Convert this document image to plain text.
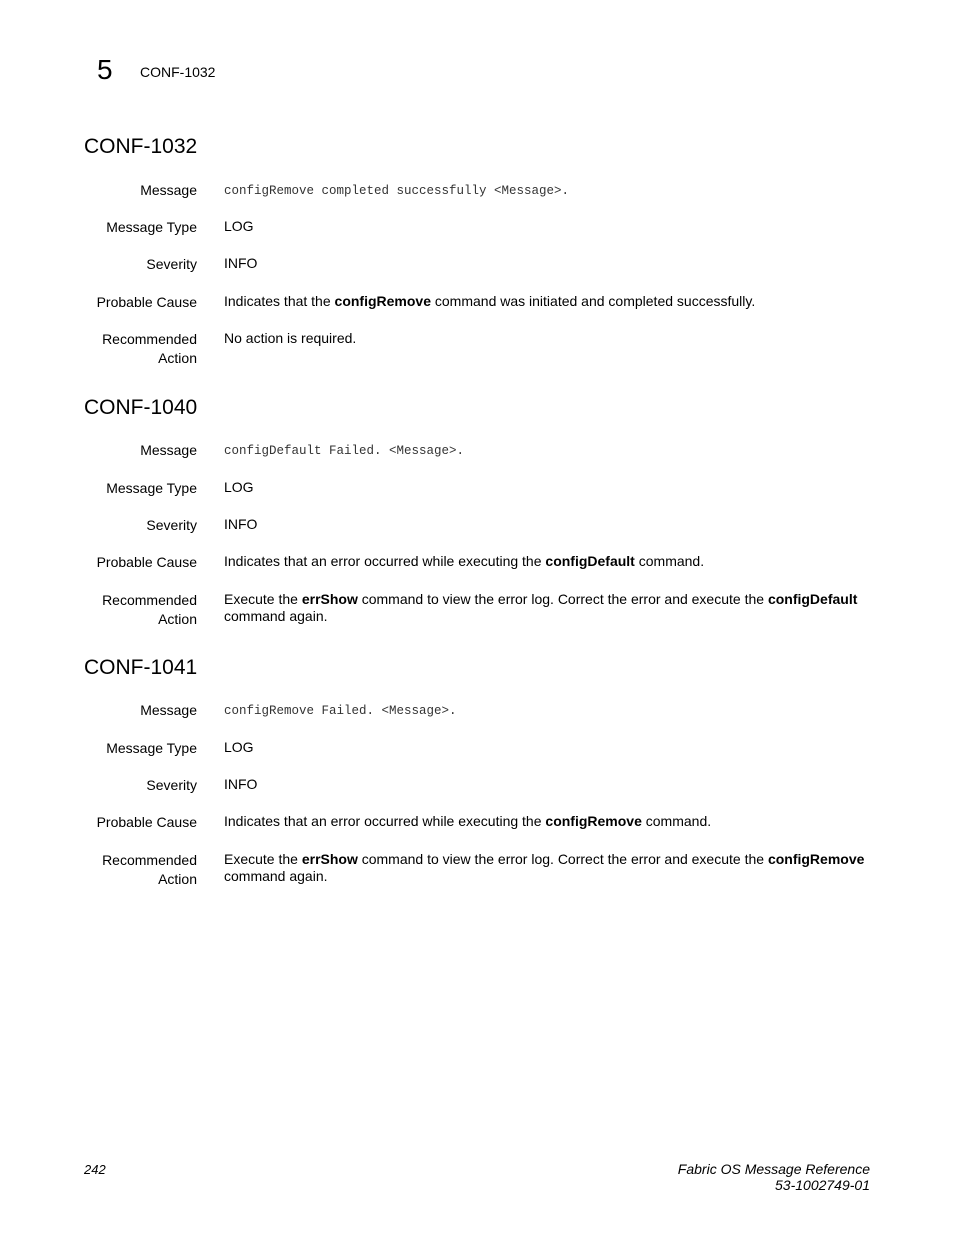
5 CONF-1032
CONF-1032
Message configRemove completed successfully <Message>.
Message Type LOG
Severity INFO
Probable Cause Indicates that the configRemove command was initiated and completed successfully.
Recommended
Action
No action is required.
CONF-1040
Message configDefault Failed. <Message>.
Message Type LOG
Severity INFO
Probable Cause Indicates that an error occurred while executing the configDefault command.
Recommended
Action
Execute the errShow command to view the error log. Correct the error and execute the configDefault
command again.
CONF-1041
Message configRemove Failed. <Message>.
Message Type LOG
Severity INFO
Probable Cause Indicates that an error occurred while executing the configRemove command.
Recommended
Action
Execute the errShow command to view the error log. Correct the error and execute the configRemove
command again.
242	Fabric OS Message Reference
53-1002749-01
